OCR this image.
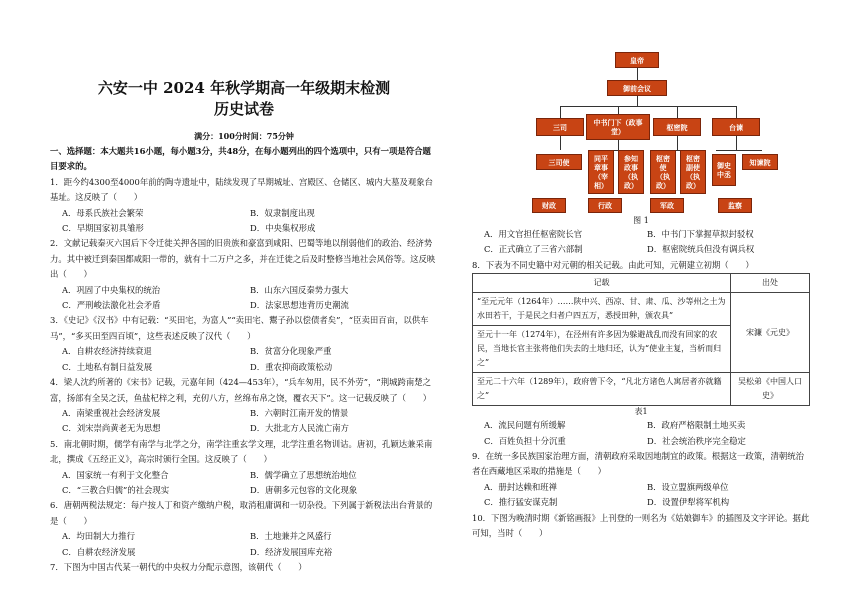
六安一中 2024 年秋学期高一年级期末检测
历史试卷
满分：100分时间：75分钟
一、选择题：本大题共16小题，每小题3分，共48分，在每小题列出的四个选项中，只有一项是符合题目要求的。
1．距今约4300至4000年前的陶寺遗址中，陆续发现了早期城址、宫殿区、仓储区、城内大墓及观象台基址。这反映了（　　）
A．母系氏族社会繁荣	B．奴隶制度出现
C．早期国家初具雏形	D．中央集权形成
2．文献记载秦灭六国后下令迁徙关押各国的旧贵族和豪富到咸阳、巴蜀等地以削弱他们的政治、经济势力。其中被迁到秦国都咸阳一带的，就有十二万户之多，并在迁徙之后及时整修当地社会风俗等。这反映出（　　）
A．巩固了中央集权的统治	B．山东六国反秦势力强大
C．严刑峻法激化社会矛盾	D．法家思想违背历史潮流
3．《史记》《汉书》中有记载：“买田宅，为富人”“卖田宅、鬻子孙以偿债者矣”，“臣卖田百亩，以供车马”，“多买田至四百顷”，这些表述反映了汉代（　　）
A．自耕农经济持续衰退	B．贫富分化现象严重
C．土地私有制日益发展	D．重农抑商政策松动
4．梁人沈约所著的《宋书》记载，元嘉年间（424—453年），“兵车匆用，民不外劳”，“荆城跨南楚之富，扬部有全吴之沃，鱼盐杞梓之利，充仞八方，丝绵布帛之饶，覆衣天下”。这一记载反映了（　　）
A．南梁重视社会经济发展	B．六朝时江南开发的情景
C．刘宋崇尚黄老无为思想	D．大批北方人民流亡南方
5．南北朝时期，儒学有南学与北学之分，南学注重玄学文理，北学注重名物训诂。唐初，孔颖达兼采南北，撰成《五经正义》，高宗时颁行全国。这反映了（　　）
A．国家统一有利于文化整合	B．儒学确立了思想统治地位
C．“三教合归儒”的社会现实	D．唐朝多元包容的文化现象
6．唐朝两税法规定：每户按人丁和资产缴纳户税，取消租庸调和一切杂役。下列属于新税法出台背景的是（　　）
A．均田制大力推行	B．土地兼并之风盛行
C．自耕农经济发展	D．经济发展国库充裕
7．下图为中国古代某一朝代的中央权力分配示意图，该朝代（　　）
皇帝
御前会议
三司	中书门下（政事堂）	枢密院	台谏
三司使	同平章事（宰相）
参知政事（执政）
枢密使（执政）
枢密副使（执政）
御史中丞
知谏院
财政	行政	军政	监察
图 1
A．用文官担任枢密院长官	B．中书门下掌握草拟封驳权
C．正式确立了三省六部制	D．枢密院统兵但没有调兵权
8．下表为不同史籍中对元朝的相关记载。由此可知，元朝建立初期（　　）
记载	出处
“至元元年（1264年）……陕中兴、西凉、甘、肃、瓜、沙等州之土为水田若干，于是民之归者户四五万，悉授田种，颁农具”	宋濂《元史》
至元十一年（1274年），在泾州有许多因为躲避战乱而没有回家的农民，当地长官主张将他们失去的土地归还，认为“使业主复，当析而归之”	
至元二十六年（1289年），政府曾下令，“凡北方诸色人寓居者亦就籍之”	吴松弟《中国人口史》
表1
A．流民问题有所缓解	B．政府严格限制土地买卖
C．百姓负担十分沉重	D．社会统治秩序完全稳定
9．在统一多民族国家治理方面，清朝政府采取因地制宜的政策。根据这一政策，清朝统治者在西藏地区采取的措施是（　　）
A．册封达赖和班禅	B．设立盟旗两级单位
C．推行猛安谋克制	D．设置伊犁将军机构
10．下图为晚清时期《新铭画报》上刊登的一则名为《姑娘御车》的插图及文字评论。据此可知，当时（　　）
